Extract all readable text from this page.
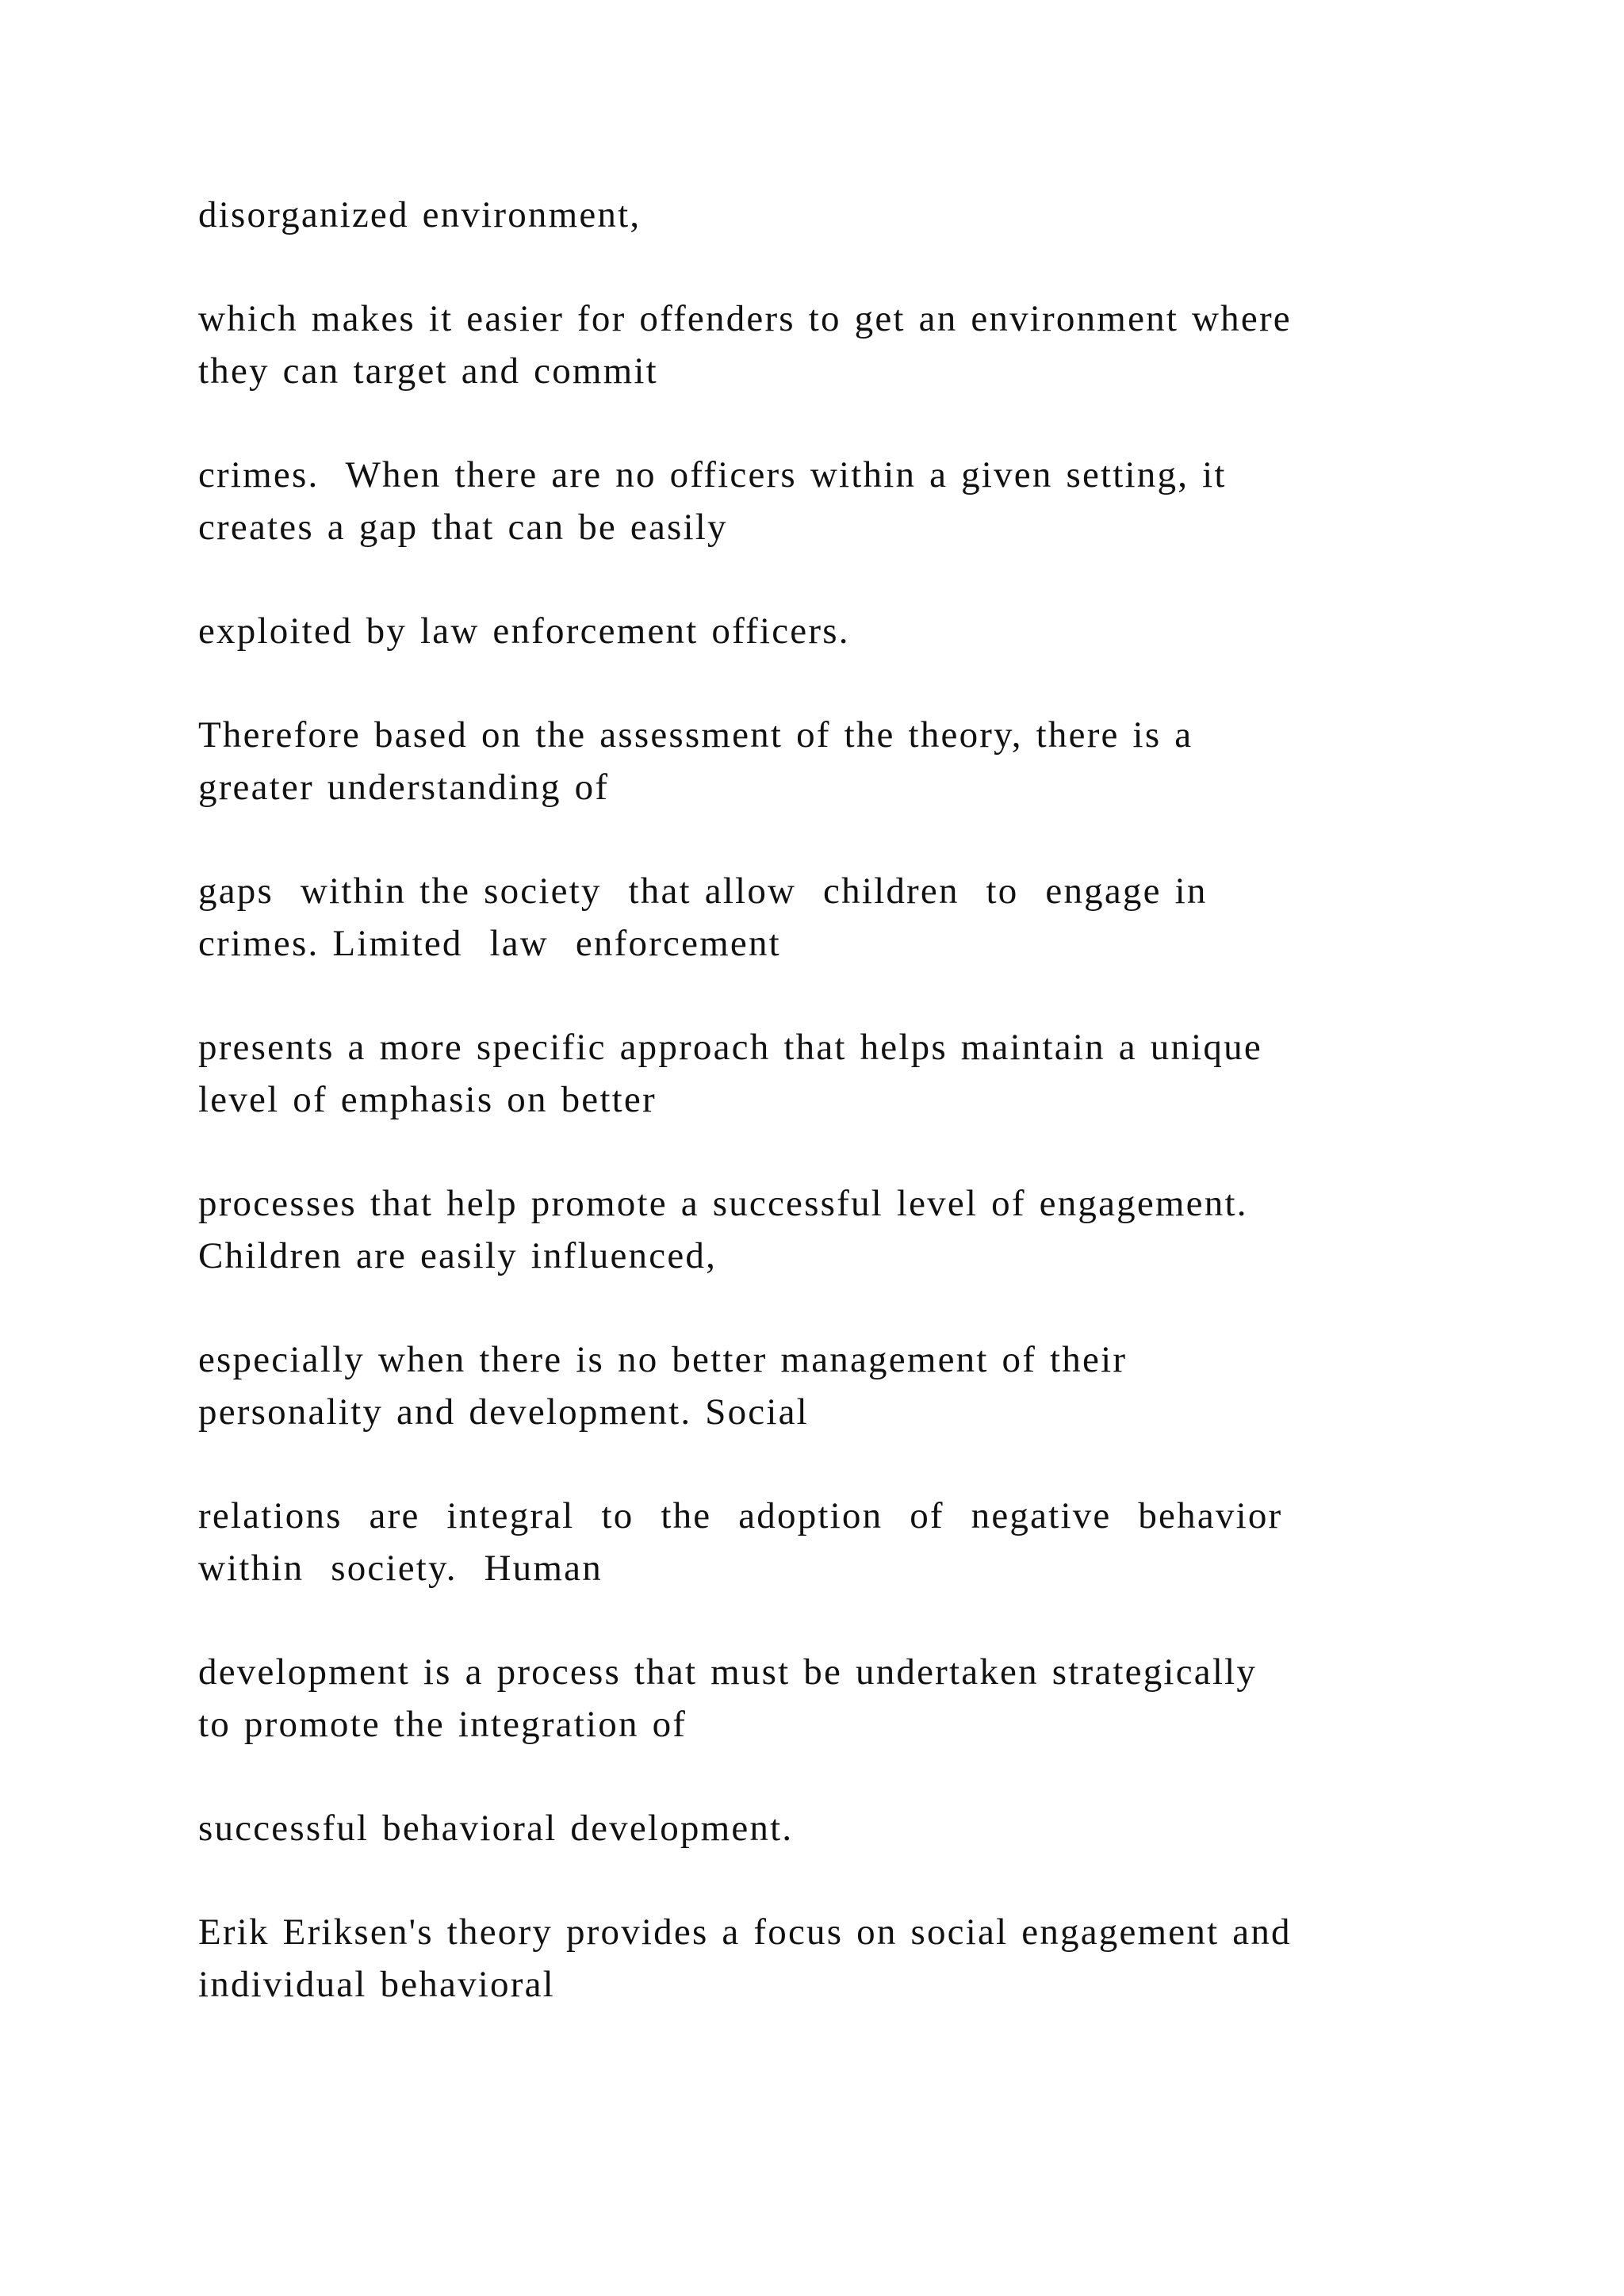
disorganized environment,

which makes it easier for offenders to get an environment where
they can target and commit

crimes.  When there are no officers within a given setting, it
creates a gap that can be easily

exploited by law enforcement officers.

Therefore based on the assessment of the theory, there is a
greater understanding of

gaps  within the society  that allow  children  to  engage in
crimes. Limited  law  enforcement

presents a more specific approach that helps maintain a unique
level of emphasis on better

processes that help promote a successful level of engagement.
Children are easily influenced,

especially when there is no better management of their
personality and development. Social

relations  are  integral  to  the  adoption  of  negative  behavior
within  society.  Human

development is a process that must be undertaken strategically
to promote the integration of

successful behavioral development.

Erik Eriksen's theory provides a focus on social engagement and
individual behavioral
